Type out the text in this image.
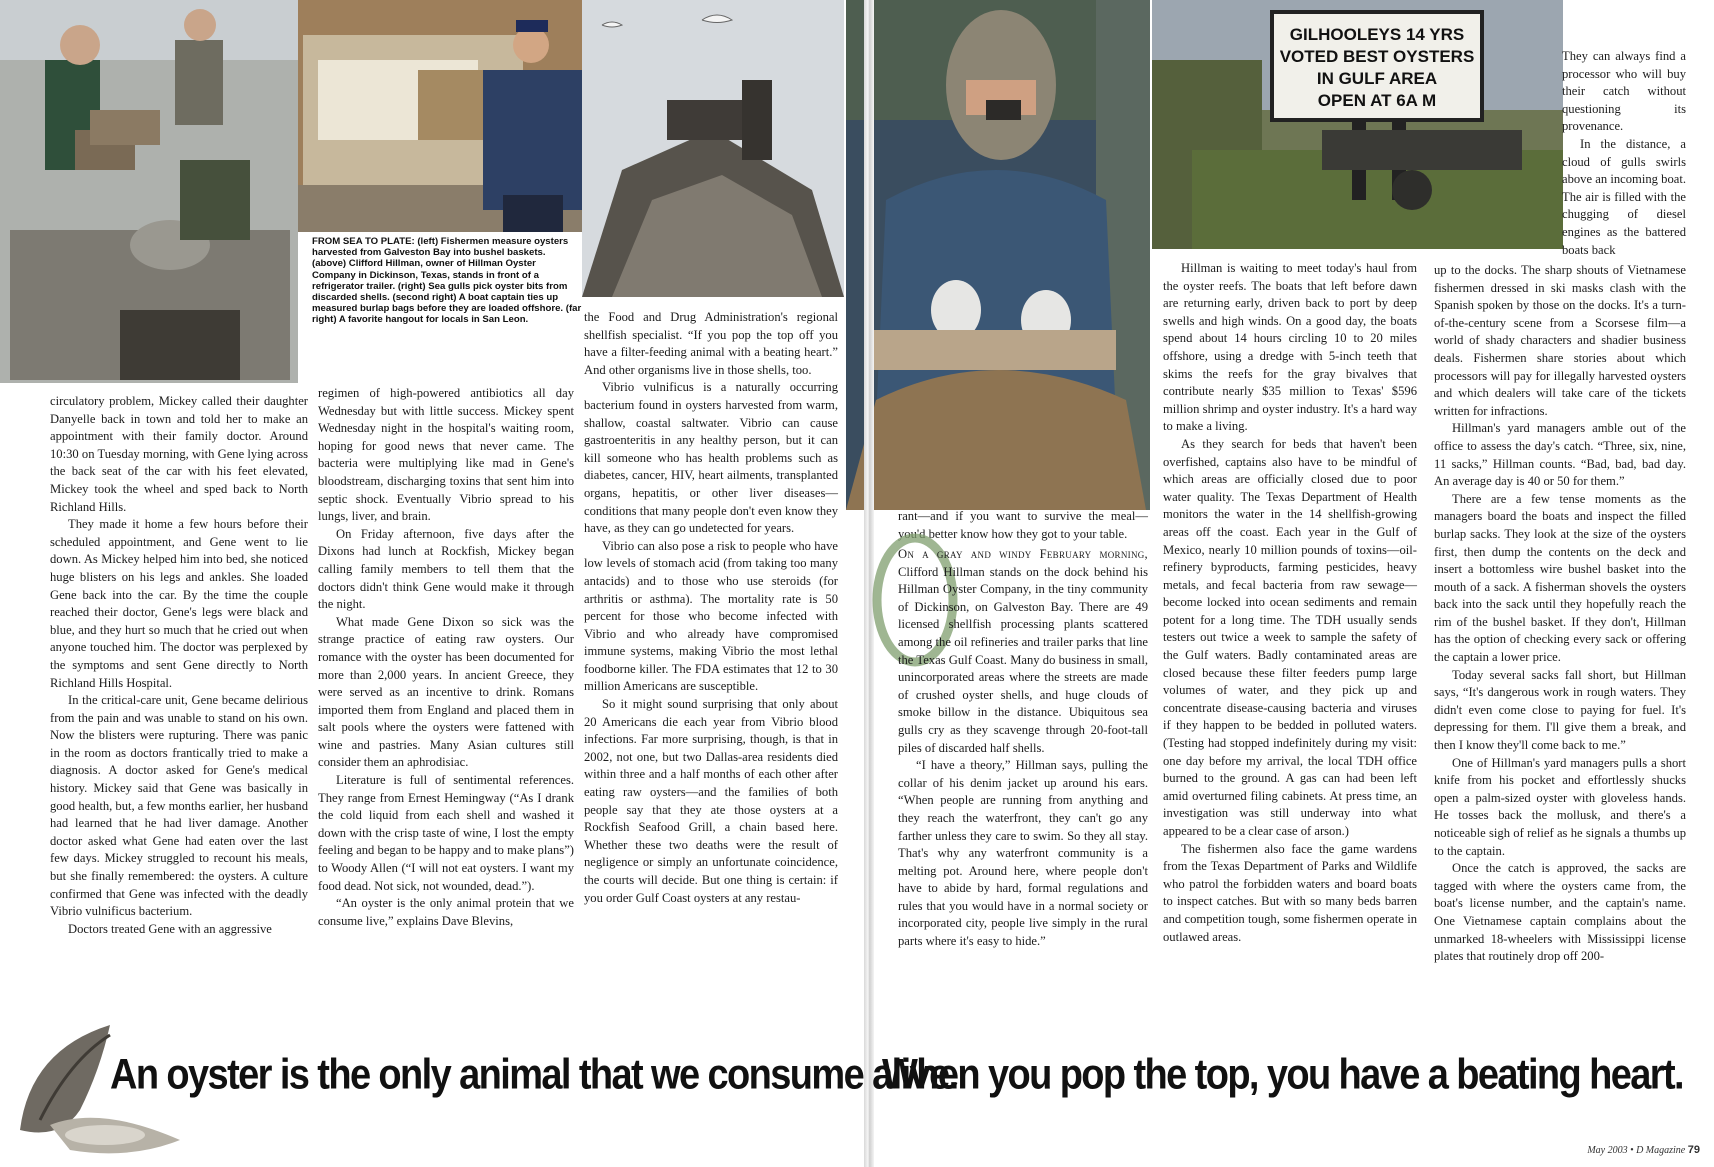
GILHOOLEYS 14 YRS
VOTED BEST OYSTERS
IN GULF AREA
OPEN AT 6A M
FROM SEA TO PLATE: (left) Fishermen measure oysters harvested from Galveston Bay into bushel baskets. (above) Clifford Hillman, owner of Hillman Oyster Company in Dickinson, Texas, stands in front of a refrigerator trailer. (right) Sea gulls pick oyster bits from discarded shells. (second right) A boat captain ties up measured burlap bags before they are loaded offshore. (far right) A favorite hangout for locals in San Leon.

circulatory problem, Mickey called their daughter Danyelle back in town and told her to make an appointment with their family doctor. Around 10:30 on Tuesday morning, with Gene lying across the back seat of the car with his feet elevated, Mickey took the wheel and sped back to North Richland Hills.

They made it home a few hours before their scheduled appointment, and Gene went to lie down. As Mickey helped him into bed, she noticed huge blisters on his legs and ankles. She loaded Gene back into the car. By the time the couple reached their doctor, Gene's legs were black and blue, and they hurt so much that he cried out when anyone touched him. The doctor was perplexed by the symptoms and sent Gene directly to North Richland Hills Hospital.

In the critical-care unit, Gene became delirious from the pain and was unable to stand on his own. Now the blisters were rupturing. There was panic in the room as doctors frantically tried to make a diagnosis. A doctor asked for Gene's medical history. Mickey said that Gene was basically in good health, but, a few months earlier, her husband had learned that he had liver damage. Another doctor asked what Gene had eaten over the last few days. Mickey struggled to recount his meals, but she finally remembered: the oysters. A culture confirmed that Gene was infected with the deadly Vibrio vulnificus bacterium.

Doctors treated Gene with an aggressive

regimen of high-powered antibiotics all day Wednesday but with little success. Mickey spent Wednesday night in the hospital's waiting room, hoping for good news that never came. The bacteria were multiplying like mad in Gene's bloodstream, discharging toxins that sent him into septic shock. Eventually Vibrio spread to his lungs, liver, and brain.

On Friday afternoon, five days after the Dixons had lunch at Rockfish, Mickey began calling family members to tell them that the doctors didn't think Gene would make it through the night.

What made Gene Dixon so sick was the strange practice of eating raw oysters. Our romance with the oyster has been documented for more than 2,000 years. In ancient Greece, they were served as an incentive to drink. Romans imported them from England and placed them in salt pools where the oysters were fattened with wine and pastries. Many Asian cultures still consider them an aphrodisiac.

Literature is full of sentimental references. They range from Ernest Hemingway (“As I drank the cold liquid from each shell and washed it down with the crisp taste of wine, I lost the empty feeling and began to be happy and to make plans”) to Woody Allen (“I will not eat oysters. I want my food dead. Not sick, not wounded, dead.”).

“An oyster is the only animal protein that we consume live,” explains Dave Blevins,

the Food and Drug Administration's regional shellfish specialist. “If you pop the top off you have a filter-feeding animal with a beating heart.” And other organisms live in those shells, too.

Vibrio vulnificus is a naturally occurring bacterium found in oysters harvested from warm, shallow, coastal saltwater. Vibrio can cause gastroenteritis in any healthy person, but it can kill someone who has health problems such as diabetes, cancer, HIV, heart ailments, transplanted organs, hepatitis, or other liver diseases—conditions that many people don't even know they have, as they can go undetected for years.

Vibrio can also pose a risk to people who have low levels of stomach acid (from taking too many antacids) and to those who use steroids (for arthritis or asthma). The mortality rate is 50 percent for those who become infected with Vibrio and who already have compromised immune systems, making Vibrio the most lethal foodborne killer. The FDA estimates that 12 to 30 million Americans are susceptible.

So it might sound surprising that only about 20 Americans die each year from Vibrio blood infections. Far more surprising, though, is that in 2002, not one, but two Dallas-area residents died within three and a half months of each other after eating raw oysters—and the families of both people say that they ate those oysters at a Rockfish Seafood Grill, a chain based here. Whether these two deaths were the result of negligence or simply an unfortunate coincidence, the courts will decide. But one thing is certain: if you order Gulf Coast oysters at any restau-

rant—and if you want to survive the meal—you'd better know how they got to your table.

On a gray and windy February morning, Clifford Hillman stands on the dock behind his Hillman Oyster Company, in the tiny community of Dickinson, on Galveston Bay. There are 49 licensed shellfish processing plants scattered among the oil refineries and trailer parks that line the Texas Gulf Coast. Many do business in small, unincorporated areas where the streets are made of crushed oyster shells, and huge clouds of smoke billow in the distance. Ubiquitous sea gulls cry as they scavenge through 20-foot-tall piles of discarded half shells.

“I have a theory,” Hillman says, pulling the collar of his denim jacket up around his ears. “When people are running from anything and they reach the waterfront, they can't go any farther unless they care to swim. So they all stay. That's why any waterfront community is a melting pot. Around here, where people don't have to abide by hard, formal regulations and rules that you would have in a normal society or incorporated city, people live simply in the rural parts where it's easy to hide.”

Hillman is waiting to meet today's haul from the oyster reefs. The boats that left before dawn are returning early, driven back to port by deep swells and high winds. On a good day, the boats spend about 14 hours circling 10 to 20 miles offshore, using a dredge with 5-inch teeth that skims the reefs for the gray bivalves that contribute nearly $35 million to Texas' $596 million shrimp and oyster industry. It's a hard way to make a living.

As they search for beds that haven't been overfished, captains also have to be mindful of which areas are officially closed due to poor water quality. The Texas Department of Health monitors the water in the 14 shellfish-growing areas off the coast. Each year in the Gulf of Mexico, nearly 10 million pounds of toxins—oil-refinery byproducts, farming pesticides, heavy metals, and fecal bacteria from raw sewage—become locked into ocean sediments and remain potent for a long time. The TDH usually sends testers out twice a week to sample the safety of the Gulf waters. Badly contaminated areas are closed because these filter feeders pump large volumes of water, and they pick up and concentrate disease-causing bacteria and viruses if they happen to be bedded in polluted waters. (Testing had stopped indefinitely during my visit: one day before my arrival, the local TDH office burned to the ground. A gas can had been left amid overturned filing cabinets. At press time, an investigation was still underway into what appeared to be a clear case of arson.)

The fishermen also face the game wardens from the Texas Department of Parks and Wildlife who patrol the forbidden waters and board boats to inspect catches. But with so many beds barren and competition tough, some fishermen operate in outlawed areas.

They can always find a processor who will buy their catch without questioning its provenance.

In the distance, a cloud of gulls swirls above an incoming boat. The air is filled with the chugging of diesel engines as the battered boats back

up to the docks. The sharp shouts of Vietnamese fishermen dressed in ski masks clash with the Spanish spoken by those on the docks. It's a turn-of-the-century scene from a Scorsese film—a world of shady characters and shadier business deals. Fishermen share stories about which processors will pay for illegally harvested oysters and which dealers will take care of the tickets written for infractions.

Hillman's yard managers amble out of the office to assess the day's catch. “Three, six, nine, 11 sacks,” Hillman counts. “Bad, bad, bad day. An average day is 40 or 50 for them.”

There are a few tense moments as the managers board the boats and inspect the filled burlap sacks. They look at the size of the oysters first, then dump the contents on the deck and insert a bottomless wire bushel basket into the mouth of a sack. A fisherman shovels the oysters back into the sack until they hopefully reach the rim of the bushel basket. If they don't, Hillman has the option of checking every sack or offering the captain a lower price.

Today several sacks fall short, but Hillman says, “It's dangerous work in rough waters. They didn't even come close to paying for fuel. It's depressing for them. I'll give them a break, and then I know they'll come back to me.”

One of Hillman's yard managers pulls a short knife from his pocket and effortlessly shucks open a palm-sized oyster with gloveless hands. He tosses back the mollusk, and there's a noticeable sigh of relief as he signals a thumbs up to the captain.

Once the catch is approved, the sacks are tagged with where the oysters came from, the boat's license number, and the captain's name. One Vietnamese captain complains about the unmarked 18-wheelers with Mississippi license plates that routinely drop off 200-

An oyster is the only animal that we consume alive.
When you pop the top, you have a beating heart.
May 2003 • D Magazine 79
